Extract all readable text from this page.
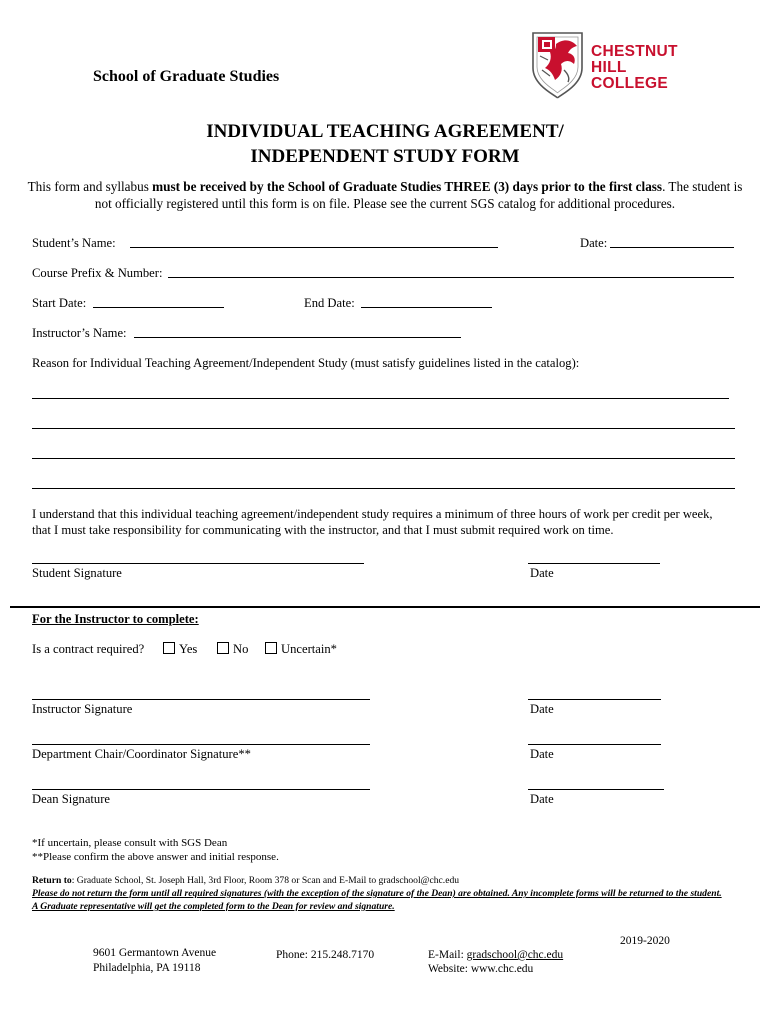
School of Graduate Studies
CHESTNUT
HILL
COLLEGE
INDIVIDUAL TEACHING AGREEMENT/
INDEPENDENT STUDY FORM
This form and syllabus must be received by the School of Graduate Studies THREE (3) days prior to the first class. The student is not officially registered until this form is on file. Please see the current SGS catalog for additional procedures.
Student’s Name:	Date:
Course Prefix & Number:
Start Date:	End Date:
Instructor’s Name:
Reason for Individual Teaching Agreement/Independent Study (must satisfy guidelines listed in the catalog):
I understand that this individual teaching agreement/independent study requires a minimum of three hours of work per credit per week, that I must take responsibility for communicating with the instructor, and that I must submit required work on time.
Student Signature	Date
For the Instructor to complete:
Is a contract required?	Yes	No	Uncertain*
Instructor Signature	Date
Department Chair/Coordinator Signature**	Date
Dean Signature	Date
*If uncertain, please consult with SGS Dean
**Please confirm the above answer and initial response.
Return to: Graduate School, St. Joseph Hall, 3rd Floor, Room 378 or Scan and E-Mail to gradschool@chc.edu
Please do not return the form until all required signatures (with the exception of the signature of the Dean) are obtained. Any incomplete forms will be returned to the student.
A Graduate representative will get the completed form to the Dean for review and signature.
2019-2020
9601 Germantown Avenue
Philadelphia, PA 19118
Phone: 215.248.7170	E-Mail: gradschool@chc.edu
Website: www.chc.edu
